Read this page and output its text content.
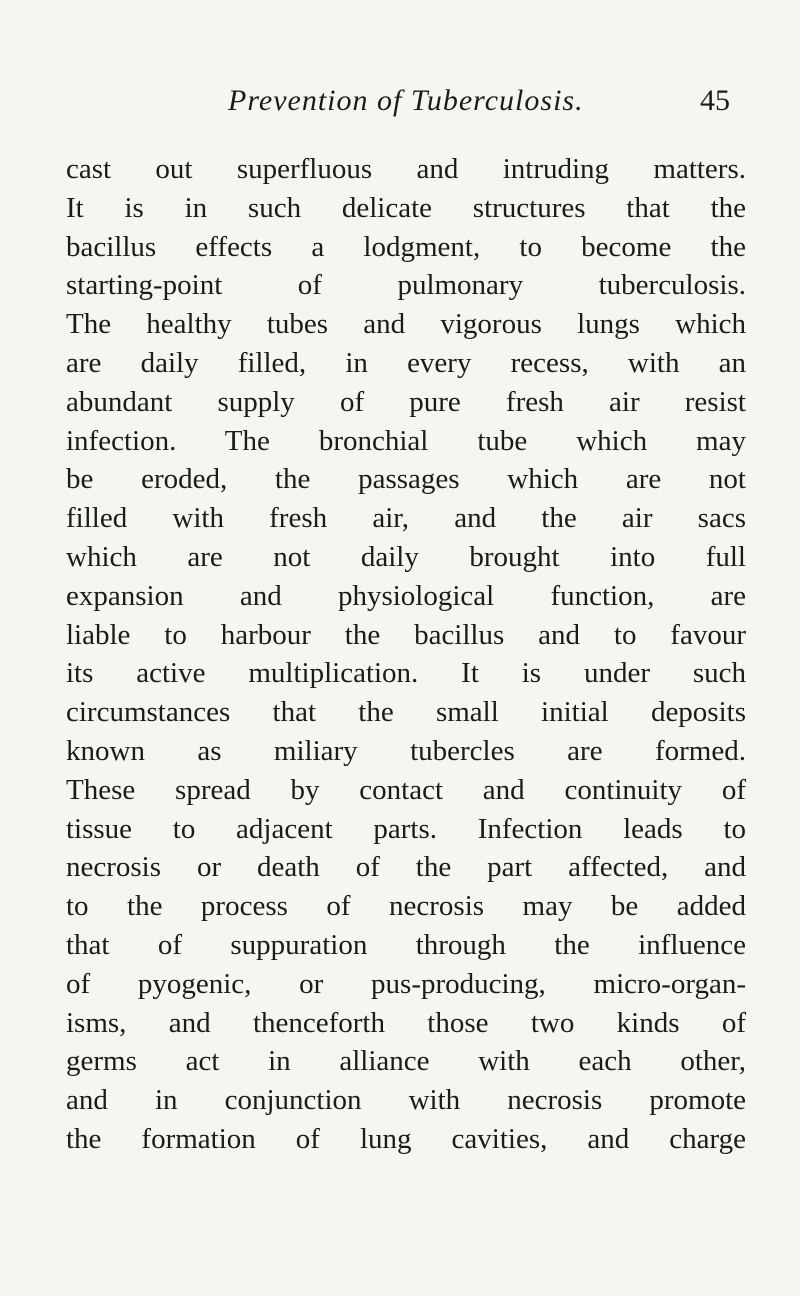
Prevention of Tuberculosis.	45
cast out superfluous and intruding matters.
It is in such delicate structures that the
bacillus effects a lodgment, to become the
starting-point of pulmonary tuberculosis.
The healthy tubes and vigorous lungs which
are daily filled, in every recess, with an
abundant supply of pure fresh air resist
infection. The bronchial tube which may
be eroded, the passages which are not
filled with fresh air, and the air sacs
which are not daily brought into full
expansion and physiological function, are
liable to harbour the bacillus and to favour
its active multiplication. It is under such
circumstances that the small initial deposits
known as miliary tubercles are formed.
These spread by contact and continuity of
tissue to adjacent parts. Infection leads to
necrosis or death of the part affected, and
to the process of necrosis may be added
that of suppuration through the influence
of pyogenic, or pus-producing, micro-organ-
isms, and thenceforth those two kinds of
germs act in alliance with each other,
and in conjunction with necrosis promote
the formation of lung cavities, and charge
